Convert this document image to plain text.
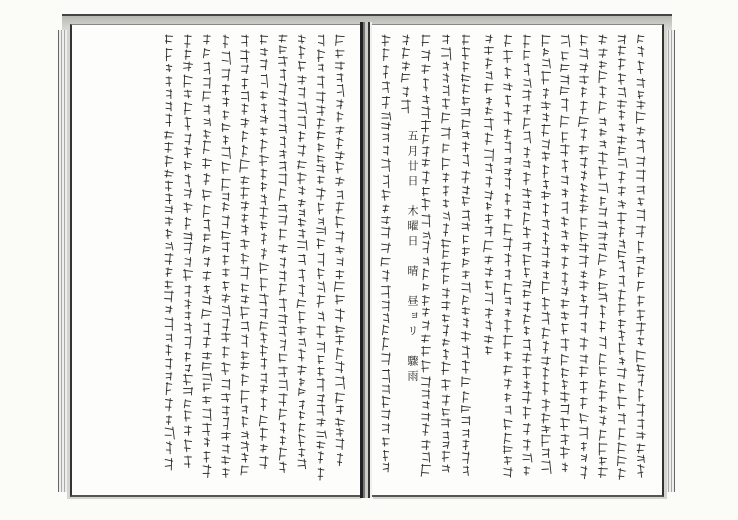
五月廿日　木曜日　晴　昼ョリ　驟雨
